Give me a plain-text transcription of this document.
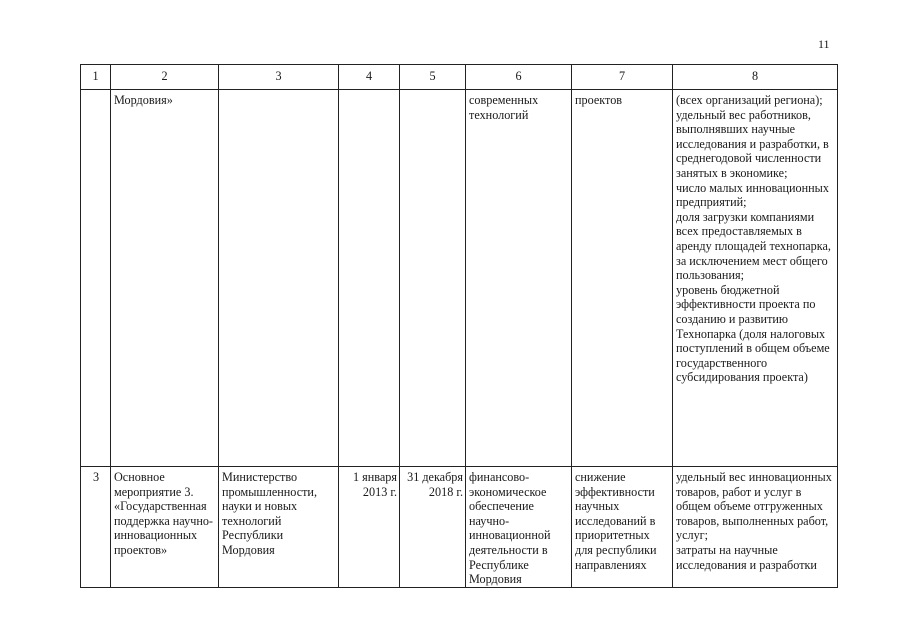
11
1	2	3	4	5	6	7	8
	Мордовия»				современных технологий	проектов	(всех организаций региона);
удельный вес работников, выполнявших научные исследования и разработки, в среднегодовой численности занятых в экономике;
число малых инновационных предприятий;
доля загрузки компаниями всех предоставляемых в аренду площадей технопарка, за исключением мест общего пользования;
уровень бюджетной эффективности проекта по созданию и развитию Технопарка (доля налоговых поступлений в общем объеме государственного субсидирования проекта)
3	Основное мероприятие 3. «Государственная поддержка научно-инновационных проектов»	Министерство промышленности, науки и новых технологий Республики Мордовия	1 января 2013 г.	31 декабря 2018 г.	финансово-экономическое обеспечение научно-инновационной деятельности в Республике Мордовия	снижение эффективности научных исследований в приоритетных для республики направлениях	удельный вес инновационных товаров, работ и услуг в общем объеме отгруженных товаров, выполненных работ, услуг;
затраты на научные исследования и разработки
